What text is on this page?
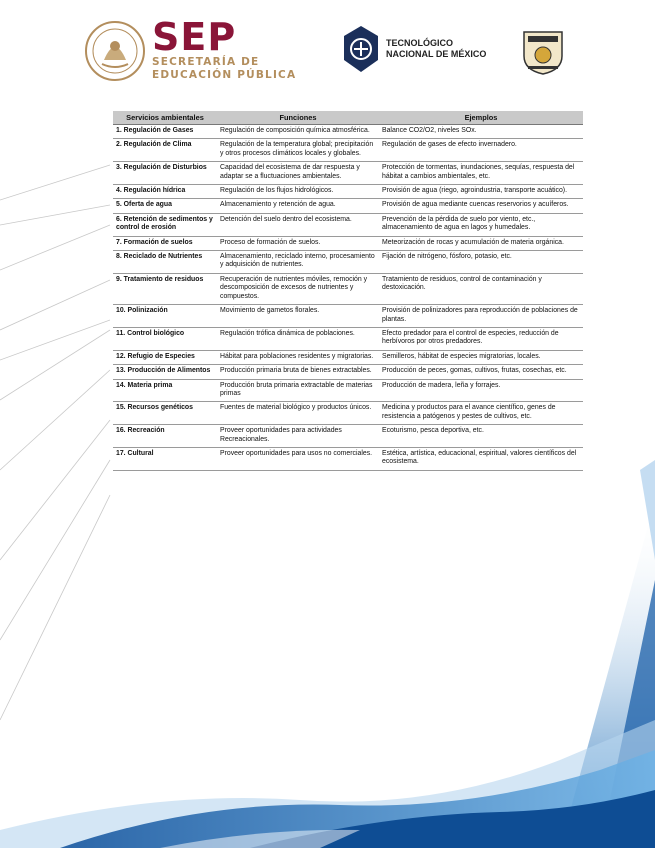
SEP
SECRETARÍA DE
EDUCACIÓN PÚBLICA
TECNOLÓGICO
NACIONAL DE MÉXICO
Servicios ambientales	Funciones	Ejemplos
1. Regulación de Gases	Regulación de composición química atmosférica.	Balance CO2/O2, niveles SOx.
2. Regulación de Clima	Regulación de la temperatura global; precipitación y otros procesos climáticos locales y globales.	Regulación de gases de efecto invernadero.
3. Regulación de Disturbios	Capacidad del ecosistema de dar respuesta y adaptar se a fluctuaciones ambientales.	Protección de tormentas, inundaciones, sequías, respuesta del hábitat a cambios ambientales, etc.
4. Regulación hídrica	Regulación de los flujos hidrológicos.	Provisión de agua (riego, agroindustria, transporte acuático).
5. Oferta de agua	Almacenamiento y retención de agua.	Provisión de agua mediante cuencas reservorios y acuíferos.
6. Retención de sedimentos y control de erosión	Detención del suelo dentro del ecosistema.	Prevención de la pérdida de suelo por viento, etc., almacenamiento de agua en lagos y humedales.
7. Formación de suelos	Proceso de formación de suelos.	Meteorización de rocas y acumulación de materia orgánica.
8. Reciclado de Nutrientes	Almacenamiento, reciclado interno, procesamiento y adquisición de nutrientes.	Fijación de nitrógeno, fósforo, potasio, etc.
9. Tratamiento de residuos	Recuperación de nutrientes móviles, remoción y descomposición de excesos de nutrientes y compuestos.	Tratamiento de residuos, control de contaminación y destoxicación.
10. Polinización	Movimiento de gametos florales.	Provisión de polinizadores para reproducción de poblaciones de plantas.
11. Control biológico	Regulación trófica dinámica de poblaciones.	Efecto predador para el control de especies, reducción de herbívoros por otros predadores.
12. Refugio de Especies	Hábitat para poblaciones residentes y migratorias.	Semilleros, hábitat de especies migratorias, locales.
13. Producción de Alimentos	Producción primaria bruta de bienes extractables.	Producción de peces, gomas, cultivos, frutas, cosechas, etc.
14. Materia prima	Producción bruta primaria extractable de materias primas	Producción de madera, leña y forrajes.
15. Recursos genéticos	Fuentes de material biológico y productos únicos.	Medicina y productos para el avance científico, genes de resistencia a patógenos y pestes de cultivos, etc.
16. Recreación	Proveer oportunidades para actividades Recreacionales.	Ecoturismo, pesca deportiva, etc.
17. Cultural	Proveer oportunidades para usos no comerciales.	Estética, artística, educacional, espiritual, valores científicos del ecosistema.
